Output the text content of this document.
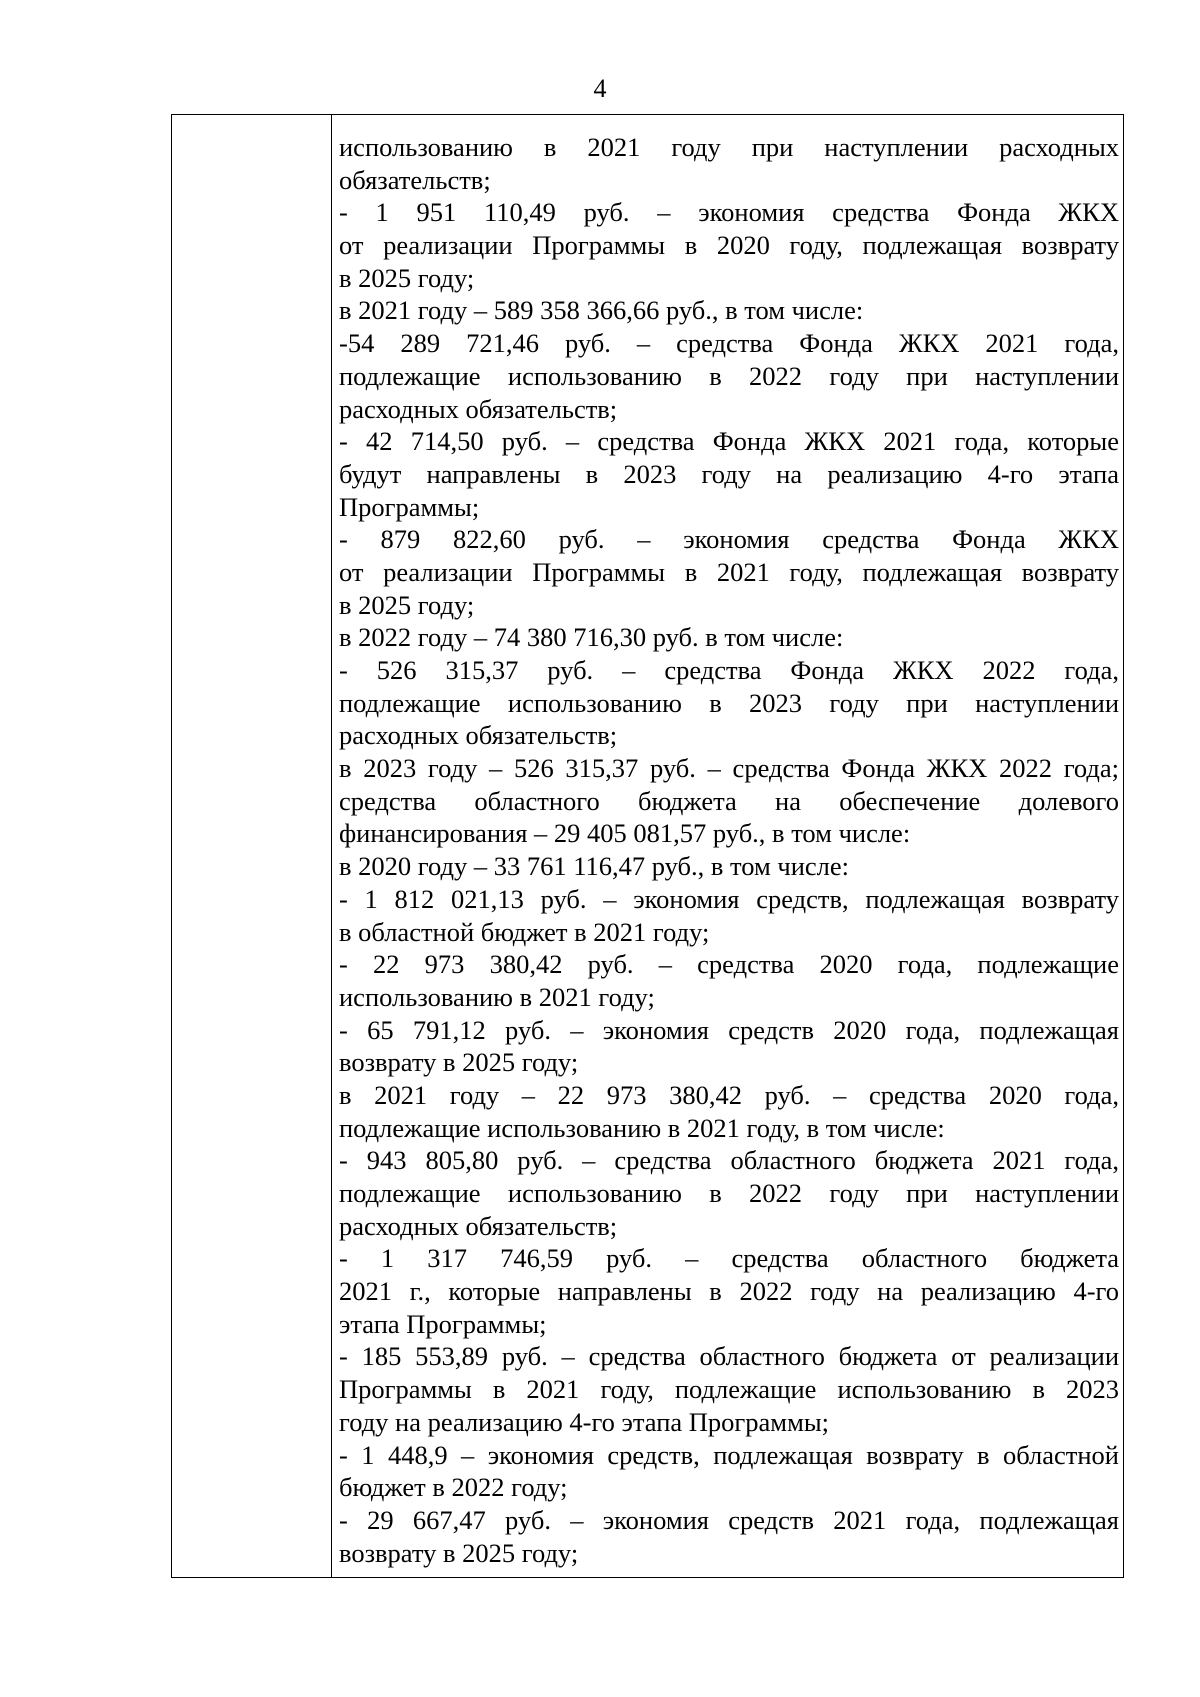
4
использованию в 2021 году при наступлении расходных
обязательств;
- 1 951 110,49 руб. – экономия средства Фонда ЖКХ
от реализации Программы в 2020 году, подлежащая возврату
в 2025 году;
в 2021 году – 589 358 366,66 руб., в том числе:
-54 289 721,46 руб. – средства Фонда ЖКХ 2021 года,
подлежащие использованию в 2022 году при наступлении
расходных обязательств;
- 42 714,50 руб. – средства Фонда ЖКХ 2021 года, которые
будут направлены в 2023 году на реализацию 4-го этапа
Программы;
- 879 822,60 руб. – экономия средства Фонда ЖКХ
от реализации Программы в 2021 году, подлежащая возврату
в 2025 году;
в 2022 году – 74 380 716,30 руб. в том числе:
- 526 315,37 руб. – средства Фонда ЖКХ 2022 года,
подлежащие использованию в 2023 году при наступлении
расходных обязательств;
в 2023 году – 526 315,37 руб. – средства Фонда ЖКХ 2022 года;
средства областного бюджета на обеспечение долевого
финансирования – 29 405 081,57 руб., в том числе:
в 2020 году – 33 761 116,47 руб., в том числе:
- 1 812 021,13 руб. – экономия средств, подлежащая возврату
в областной бюджет в 2021 году;
- 22 973 380,42 руб. – средства 2020 года, подлежащие
использованию в 2021 году;
- 65 791,12 руб. – экономия средств 2020 года, подлежащая
возврату в 2025 году;
в 2021 году – 22 973 380,42 руб. – средства 2020 года,
подлежащие использованию в 2021 году, в том числе:
- 943 805,80 руб. – средства областного бюджета 2021 года,
подлежащие использованию в 2022 году при наступлении
расходных обязательств;
- 1 317 746,59 руб. – средства областного бюджета
2021 г., которые направлены в 2022 году на реализацию 4-го
этапа Программы;
- 185 553,89 руб. – средства областного бюджета от реализации
Программы в 2021 году, подлежащие использованию в 2023
году на реализацию 4-го этапа Программы;
- 1 448,9 – экономия средств, подлежащая возврату в областной
бюджет в 2022 году;
- 29 667,47 руб. – экономия средств 2021 года, подлежащая
возврату в 2025 году;
